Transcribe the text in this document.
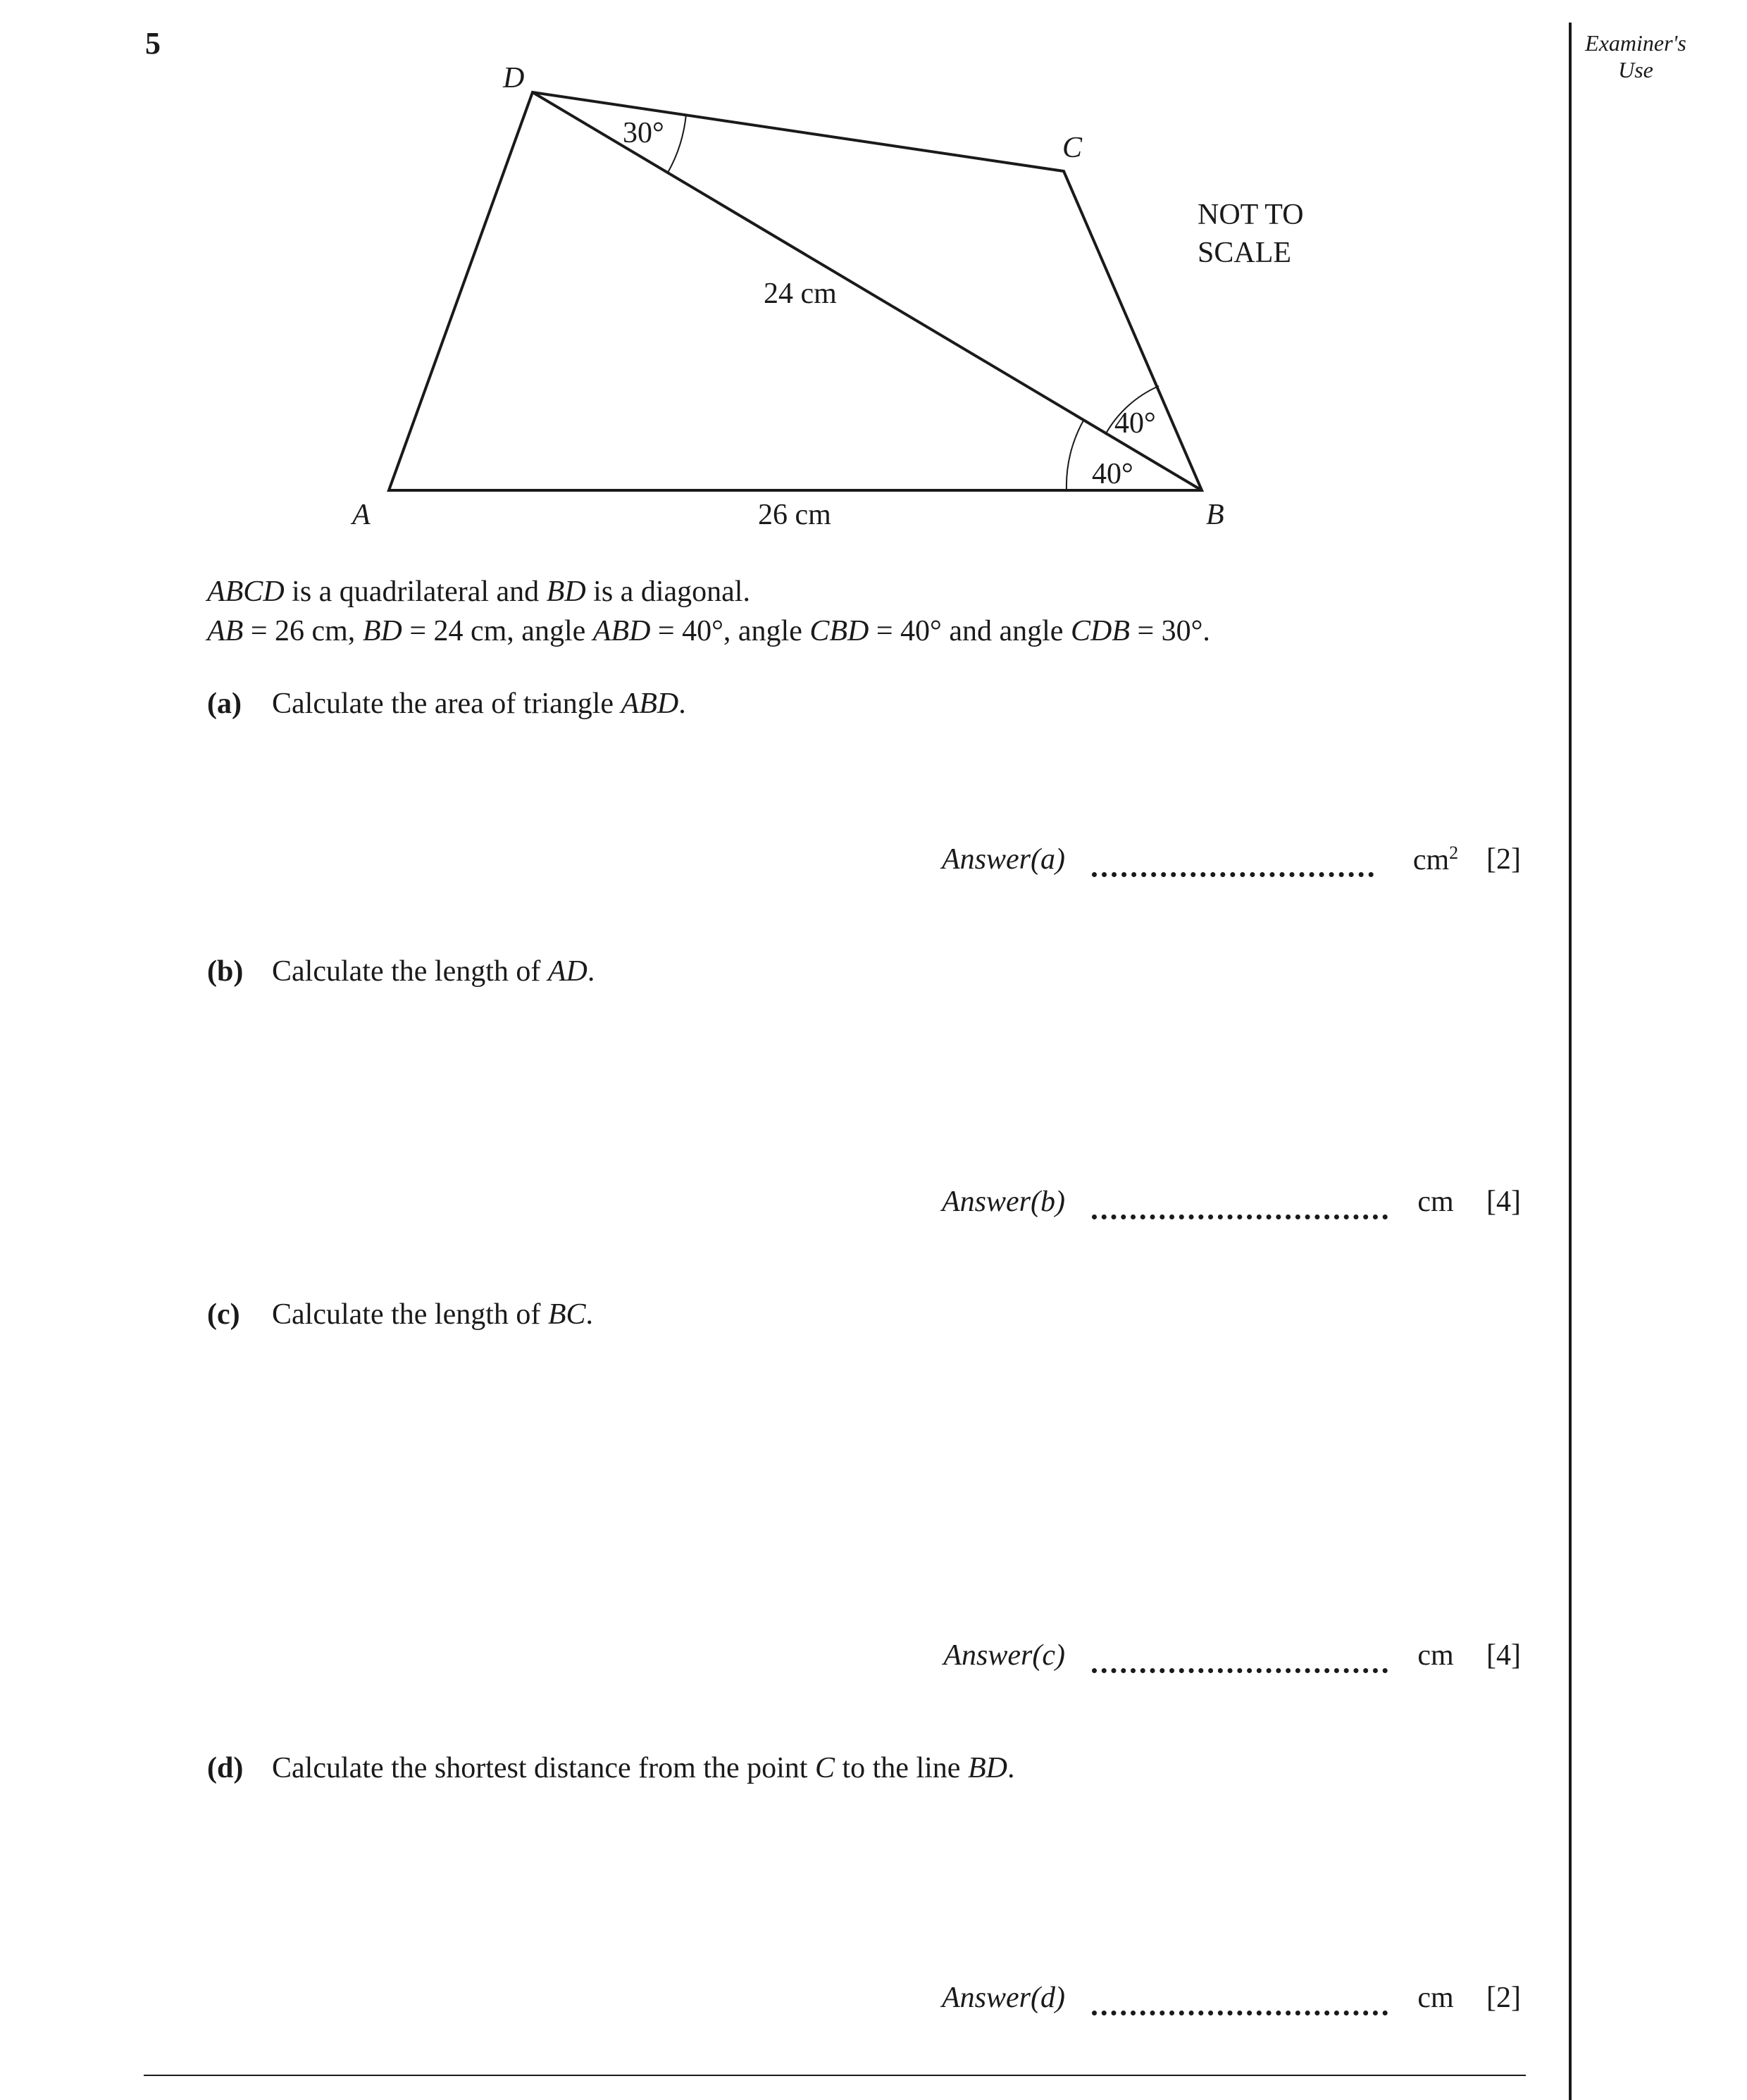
5	Examiner's Use
D
C
A	B
30°
40°
40°
24 cm
26 cm
NOT TO
SCALE
ABCD is a quadrilateral and BD is a diagonal.
AB = 26 cm, BD = 24 cm, angle ABD = 40°, angle CBD = 40° and angle CDB = 30°.
(a) Calculate the area of triangle ABD.
Answer(a)	$cm^2$ [2]
(b) Calculate the length of AD.
Answer(b)	cm	[4]
(c) Calculate the length of BC.
Answer(c)	cm	[4]
(d) Calculate the shortest distance from the point C to the line BD.
Answer(d)	cm	[2]
